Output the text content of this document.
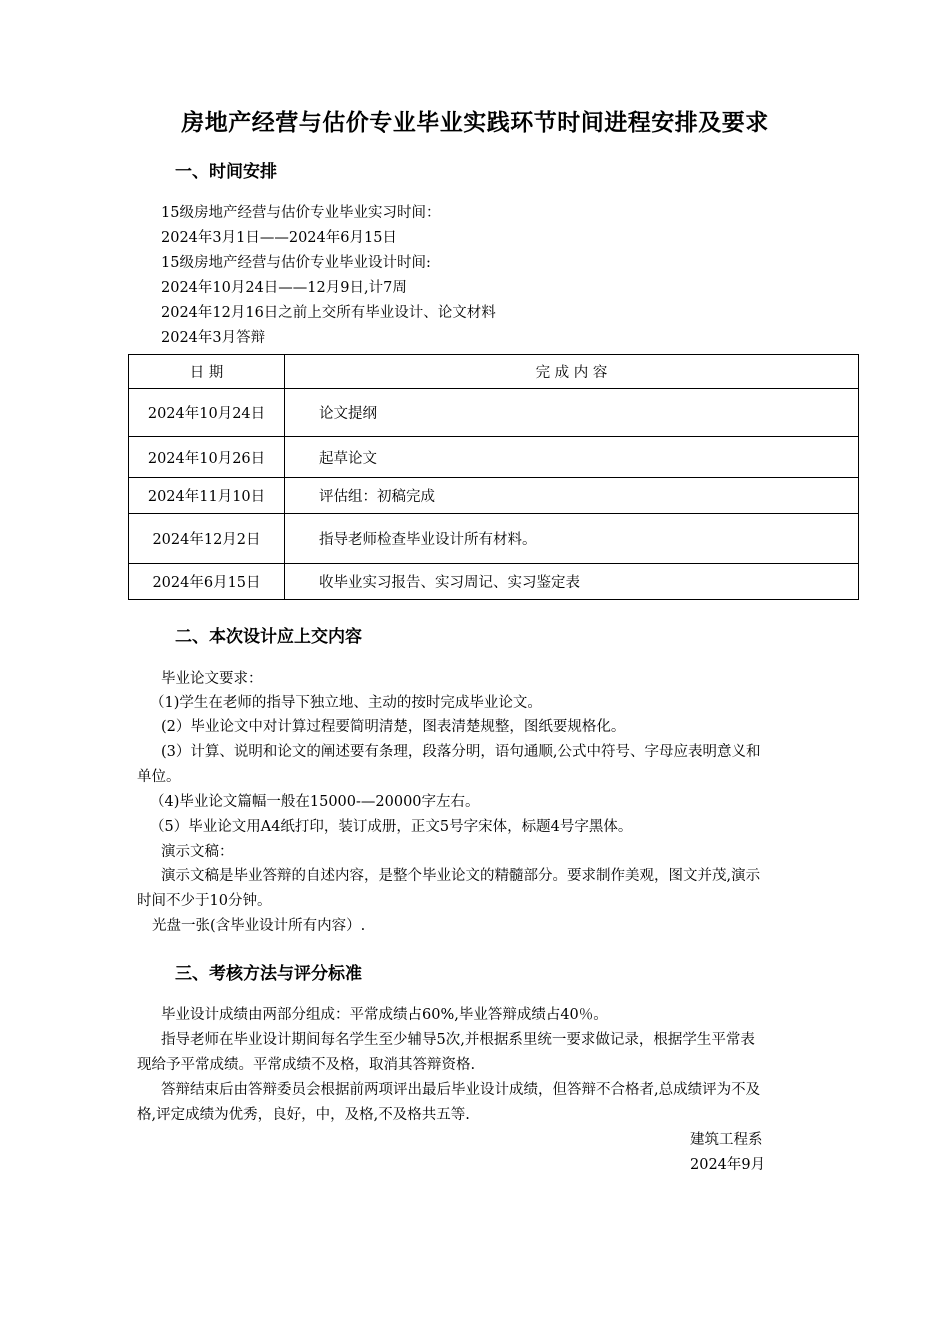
房地产经营与估价专业毕业实践环节时间进程安排及要求
一、时间安排
15级房地产经营与估价专业毕业实习时间：
2024年3月1日——2024年6月15日
15级房地产经营与估价专业毕业设计时间:
2024年10月24日——12月9日,计7周
2024年12月16日之前上交所有毕业设计、论文材料
2024年3月答辩
日 期	完 成 内 容
2024年10月24日	论文提纲
2024年10月26日	起草论文
2024年11月10日	评估组：初稿完成
2024年12月2日	指导老师检查毕业设计所有材料。
2024年6月15日	收毕业实习报告、实习周记、实习鉴定表
二、本次设计应上交内容
毕业论文要求：
（1)学生在老师的指导下独立地、主动的按时完成毕业论文。
(2）毕业论文中对计算过程要简明清楚，图表清楚规整，图纸要规格化。
(3）计算、说明和论文的阐述要有条理，段落分明，语句通顺,公式中符号、字母应表明意义和
单位。
（4)毕业论文篇幅一般在15000-—20000字左右。
（5）毕业论文用A4纸打印，装订成册，正文5号字宋体，标题4号字黑体。
演示文稿：
演示文稿是毕业答辩的自述内容，是整个毕业论文的精髓部分。要求制作美观，图文并茂,演示
时间不少于10分钟。
光盘一张(含毕业设计所有内容）.
三、考核方法与评分标准
毕业设计成绩由两部分组成：平常成绩占60%,毕业答辩成绩占40％。
指导老师在毕业设计期间每名学生至少辅导5次,并根据系里统一要求做记录，根据学生平常表
现给予平常成绩。平常成绩不及格，取消其答辩资格.
答辩结束后由答辩委员会根据前两项评出最后毕业设计成绩，但答辩不合格者,总成绩评为不及
格,评定成绩为优秀，良好，中，及格,不及格共五等.
建筑工程系
2024年9月
